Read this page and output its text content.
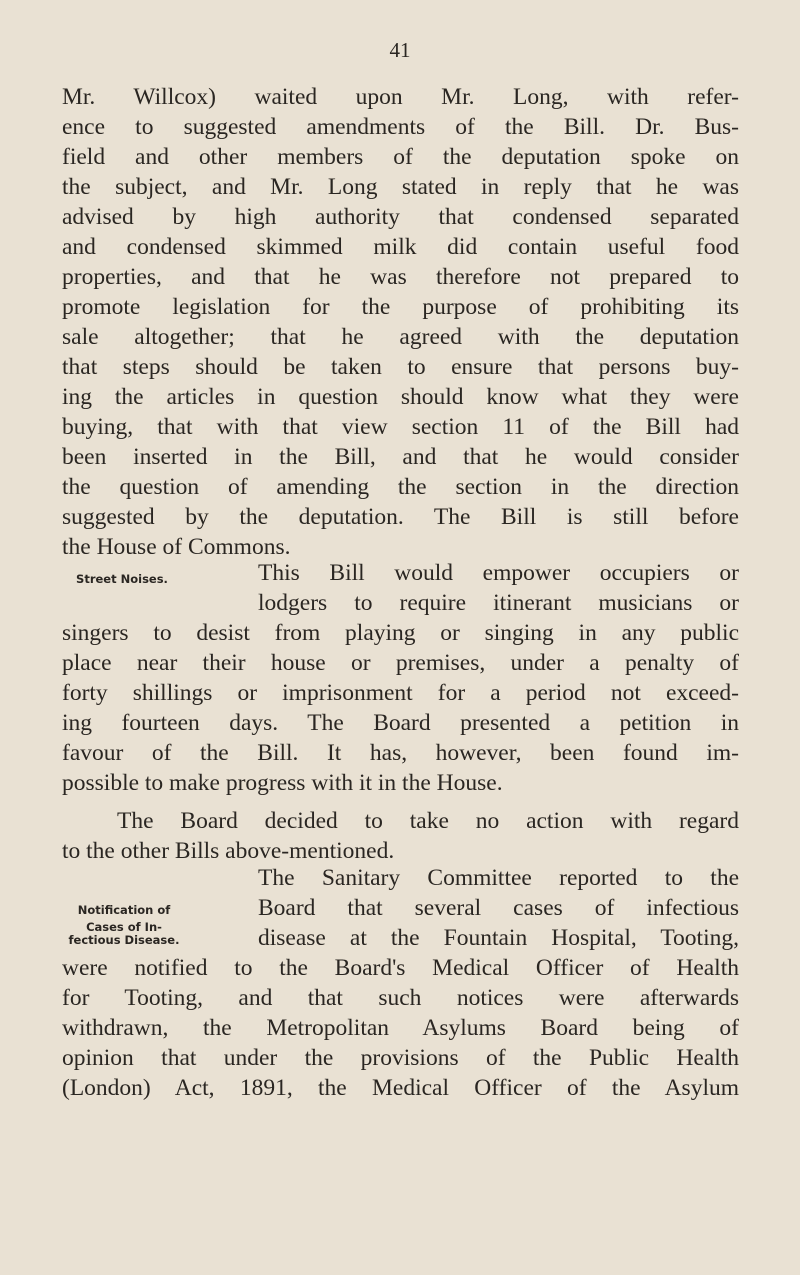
41
Mr. Willcox) waited upon Mr. Long, with refer-
ence to suggested amendments of the Bill. Dr. Bus-
field and other members of the deputation spoke on
the subject, and Mr. Long stated in reply that he was
advised by high authority that condensed separated
and condensed skimmed milk did contain useful food
properties, and that he was therefore not prepared to
promote legislation for the purpose of prohibiting its
sale altogether; that he agreed with the deputation
that steps should be taken to ensure that persons buy-
ing the articles in question should know what they were
buying, that with that view section 11 of the Bill had
been inserted in the Bill, and that he would consider
the question of amending the section in the direction
suggested by the deputation. The Bill is still before
the House of Commons.
Street Noises.	This Bill would empower occupiers or
lodgers to require itinerant musicians or
singers to desist from playing or singing in any public
place near their house or premises, under a penalty of
forty shillings or imprisonment for a period not exceed-
ing fourteen days. The Board presented a petition in
favour of the Bill. It has, however, been found im-
possible to make progress with it in the House.
The Board decided to take no action with regard
to the other Bills above-mentioned.
Notification of
Cases of In-
fectious Disease.
The Sanitary Committee reported to the
Board that several cases of infectious
disease at the Fountain Hospital, Tooting,
were notified to the Board's Medical Officer of Health
for Tooting, and that such notices were afterwards
withdrawn, the Metropolitan Asylums Board being of
opinion that under the provisions of the Public Health
(London) Act, 1891, the Medical Officer of the Asylum
